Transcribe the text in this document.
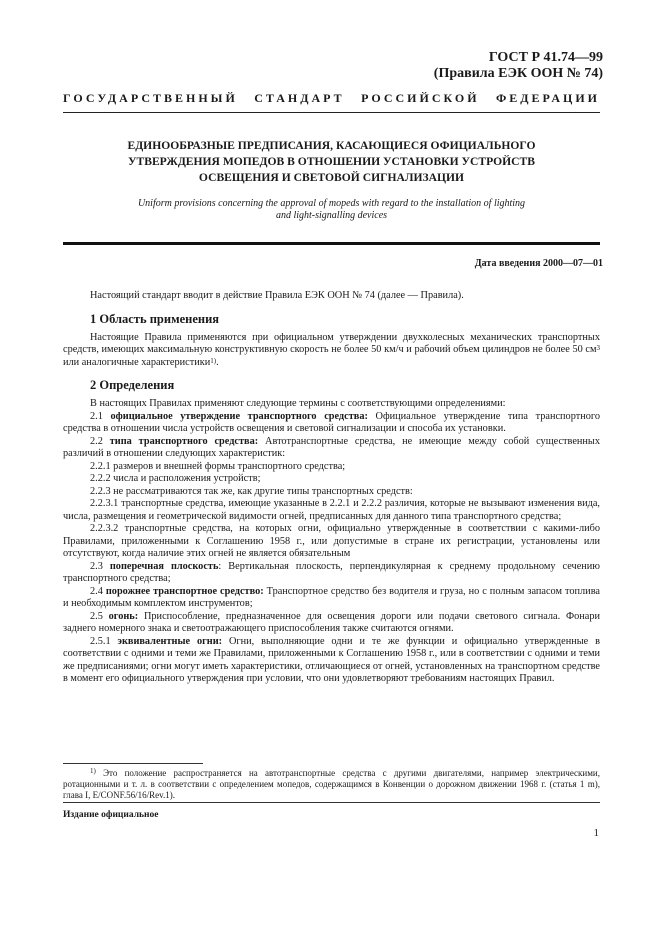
ГОСТ Р 41.74—99
(Правила ЕЭК ООН № 74)
ГОСУДАРСТВЕННЫЙ СТАНДАРТ РОССИЙСКОЙ ФЕДЕРАЦИИ
ЕДИНООБРАЗНЫЕ ПРЕДПИСАНИЯ, КАСАЮЩИЕСЯ ОФИЦИАЛЬНОГО
УТВЕРЖДЕНИЯ МОПЕДОВ В ОТНОШЕНИИ УСТАНОВКИ УСТРОЙСТВ
ОСВЕЩЕНИЯ И СВЕТОВОЙ СИГНАЛИЗАЦИИ
Uniform provisions concerning the approval of mopeds with regard to the installation of lighting
and light-signalling devices
Дата введения 2000—07—01

Настоящий стандарт вводит в действие Правила ЕЭК ООН № 74 (далее — Правила).

1 Область применения

Настоящие Правила применяются при официальном утверждении двухколесных механических транспортных средств, имеющих максимальную конструктивную скорость не более 50 км/ч и рабочий объем цилиндров не более 50 $см^3$ или аналогичные характеристики$^{1)}$.

2 Определения

В настоящих Правилах применяют следующие термины с соответствующими определениями:

2.1 официальное утверждение транспортного средства: Официальное утверждение типа транспортного средства в отношении числа устройств освещения и световой сигнализации и способа их установки.

2.2 типа транспортного средства: Автотранспортные средства, не имеющие между собой существенных различий в отношении следующих характеристик:

2.2.1 размеров и внешней формы транспортного средства;

2.2.2 числа и расположения устройств;

2.2.3 не рассматриваются так же, как другие типы транспортных средств:

2.2.3.1 транспортные средства, имеющие указанные в 2.2.1 и 2.2.2 различия, которые не вызывают изменения вида, числа, размещения и геометрической видимости огней, предписанных для данного типа транспортного средства;

2.2.3.2 транспортные средства, на которых огни, официально утвержденные в соответствии с какими-либо Правилами, приложенными к Соглашению 1958 г., или допустимые в стране их регистрации, установлены или отсутствуют, когда наличие этих огней не является обязательным

2.3 поперечная плоскость: Вертикальная плоскость, перпендикулярная к среднему продольному сечению транспортного средства;

2.4 порожнее транспортное средство: Транспортное средство без водителя и груза, но с полным запасом топлива и необходимым комплектом инструментов;

2.5 огонь: Приспособление, предназначенное для освещения дороги или подачи светового сигнала. Фонари заднего номерного знака и светоотражающего приспособления также считаются огнями.

2.5.1 эквивалентные огни: Огни, выполняющие одни и те же функции и официально утвержденные в соответствии с одними и теми же Правилами, приложенными к Соглашению 1958 г., или в соответствии с одними и теми же предписаниями; огни могут иметь характеристики, отличающиеся от огней, установленных на транспортном средстве в момент его официального утверждения при условии, что они удовлетворяют требованиям настоящих Правил.

$^{1)}$ Это положение распространяется на автотранспортные средства с другими двигателями, например электрическими, ротационными и т. л. в соответствии с определением мопедов, содержащимся в Конвенции о дорожном движении 1968 г. (статья 1 m), глава I, E/CONF.56/16/Rev.1).

Издание официальное
1
